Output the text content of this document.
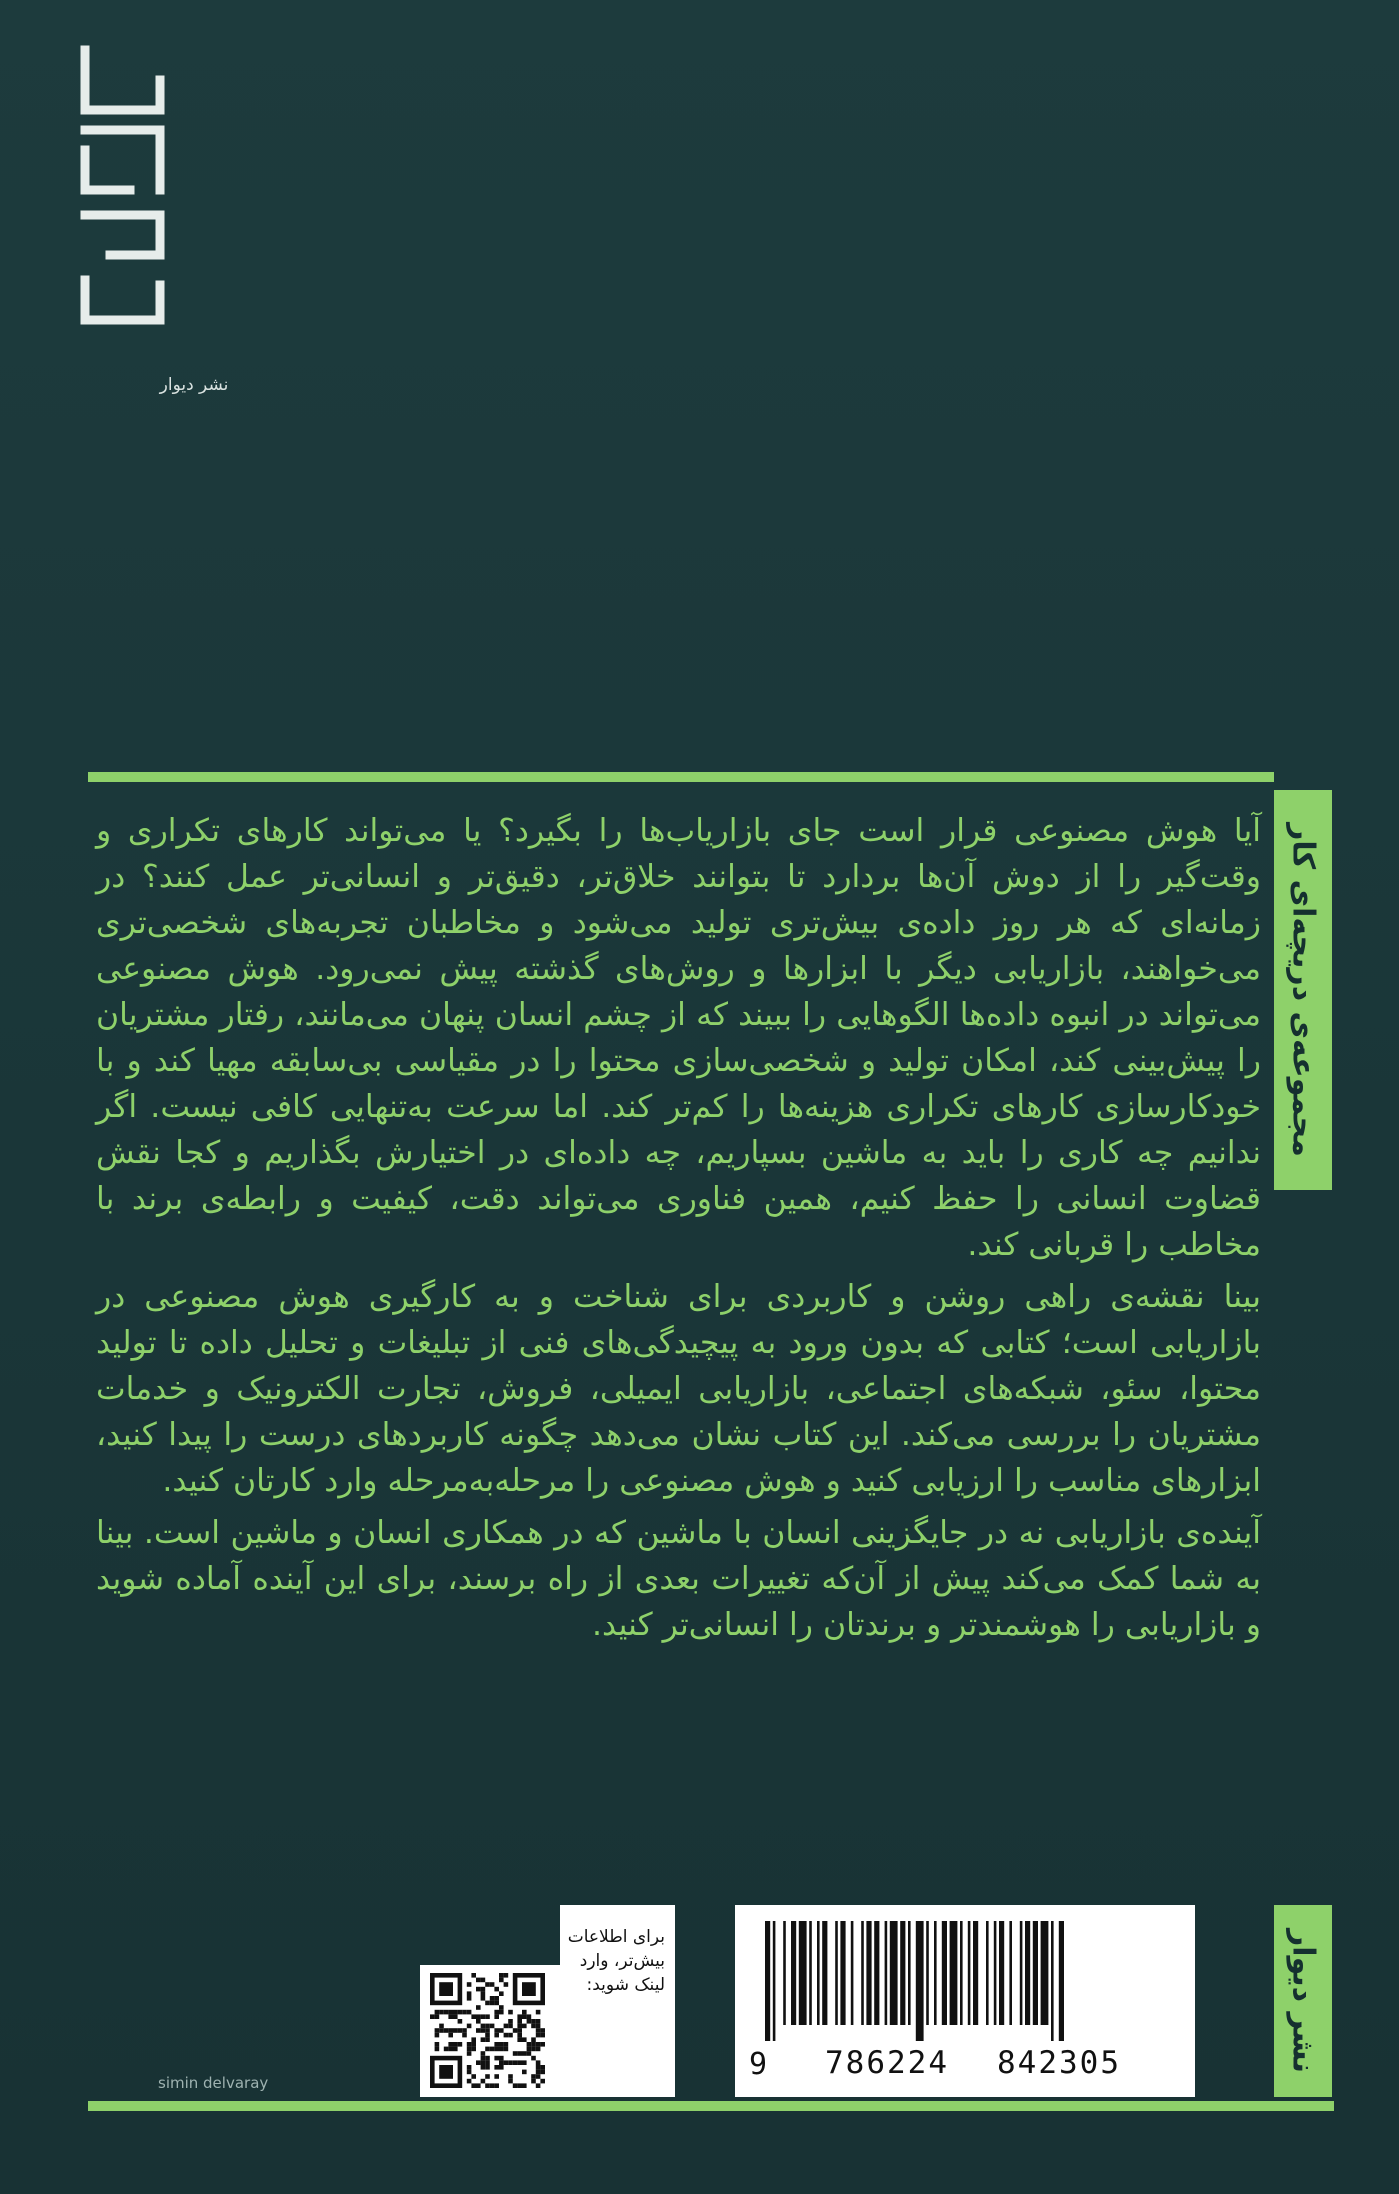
نشر دیوار
مجموعه‌ی دریچه‌ای کار

آیا هوش مصنوعی قرار است جای بازاریاب‌ها را بگیرد؟ یا می‌تواند کارهای تکراری و وقت‌گیر را از دوش آن‌ها بردارد تا بتوانند خلاق‌تر، دقیق‌تر و انسانی‌تر عمل کنند؟ در زمانه‌ای که هر روز داده‌ی بیش‌تری تولید می‌شود و مخاطبان تجربه‌های شخصی‌تری می‌خواهند، بازاریابی دیگر با ابزارها و روش‌های گذشته پیش نمی‌رود. هوش مصنوعی می‌تواند در انبوه داده‌ها الگوهایی را ببیند که از چشم انسان پنهان می‌مانند، رفتار مشتریان را پیش‌بینی کند، امکان تولید و شخصی‌سازی محتوا را در مقیاسی بی‌سابقه مهیا کند و با خودکارسازی کارهای تکراری هزینه‌ها را کم‌تر کند. اما سرعت به‌تنهایی کافی نیست. اگر ندانیم چه کاری را باید به ماشین بسپاریم، چه داده‌ای در اختیارش بگذاریم و کجا نقش قضاوت انسانی را حفظ کنیم، همین فناوری می‌تواند دقت، کیفیت و رابطه‌ی برند با مخاطب را قربانی کند.

بینا نقشه‌ی راهی روشن و کاربردی برای شناخت و به کارگیری هوش مصنوعی در بازاریابی است؛ کتابی که بدون ورود به پیچیدگی‌های فنی از تبلیغات و تحلیل داده تا تولید محتوا، سئو، شبکه‌های اجتماعی، بازاریابی ایمیلی، فروش، تجارت الکترونیک و خدمات مشتریان را بررسی می‌کند. این کتاب نشان می‌دهد چگونه کاربردهای درست را پیدا کنید، ابزارهای مناسب را ارزیابی کنید و هوش مصنوعی را مرحله‌به‌مرحله وارد کارتان کنید.

آینده‌ی بازاریابی نه در جایگزینی انسان با ماشین که در همکاری انسان و ماشین است. بینا به شما کمک می‌کند پیش از آن‌که تغییرات بعدی از راه برسند، برای این آینده آماده شوید و بازاریابی را هوشمندتر و برندتان را انسانی‌تر کنید.

برای اطلاعات بیش‌تر، وارد لینک شوید:
9 786224 842305	نشر دیوار
simin delvaray
